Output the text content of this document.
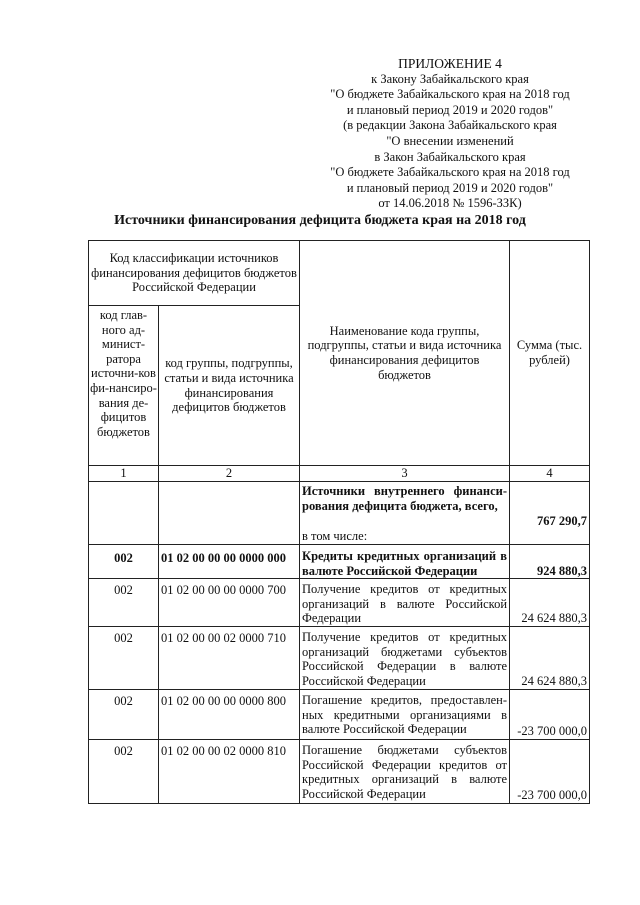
ПРИЛОЖЕНИЕ 4
к Закону Забайкальского края
"О бюджете Забайкальского края на 2018 год
и плановый период 2019 и 2020 годов"
(в редакции Закона Забайкальского края
"О внесении изменений
в Закон Забайкальского края
"О бюджете Забайкальского края на 2018 год
и плановый период 2019 и 2020 годов"
от 14.06.2018 № 1596-ЗЗК)
Источники финансирования дефицита бюджета края на 2018 год
Код классификации источников финансирования дефицитов бюджетов Российской Федерации		Наименование кода группы, подгруппы, статьи и вида источника финансирования дефицитов бюджетов	Сумма (тыс. рублей)
код глав-ного ад-минист-ратора источни-ков фи-нансиро-вания де-фицитов бюджетов	код группы, подгруппы, статьи и вида источника финансирования дефицитов бюджетов		
1	2	3	4
		Источники внутреннего финанси-рования дефицита бюджета, всего,	767 290,7
		в том числе:	
002	01 02 00 00 00 0000 000	Кредиты кредитных организаций в валюте Российской Федерации	924 880,3
002	01 02 00 00 00 0000 700	Получение кредитов от кредитных организаций в валюте Российской Федерации	24 624 880,3
002	01 02 00 00 02 0000 710	Получение кредитов от кредитных организаций бюджетами субъектов Российской Федерации в валюте Российской Федерации	24 624 880,3
002	01 02 00 00 00 0000 800	Погашение кредитов, предоставлен-ных кредитными организациями в валюте Российской Федерации	-23 700 000,0
002	01 02 00 00 02 0000 810	Погашение бюджетами субъектов Российской Федерации кредитов от кредитных организаций в валюте Российской Федерации	-23 700 000,0
